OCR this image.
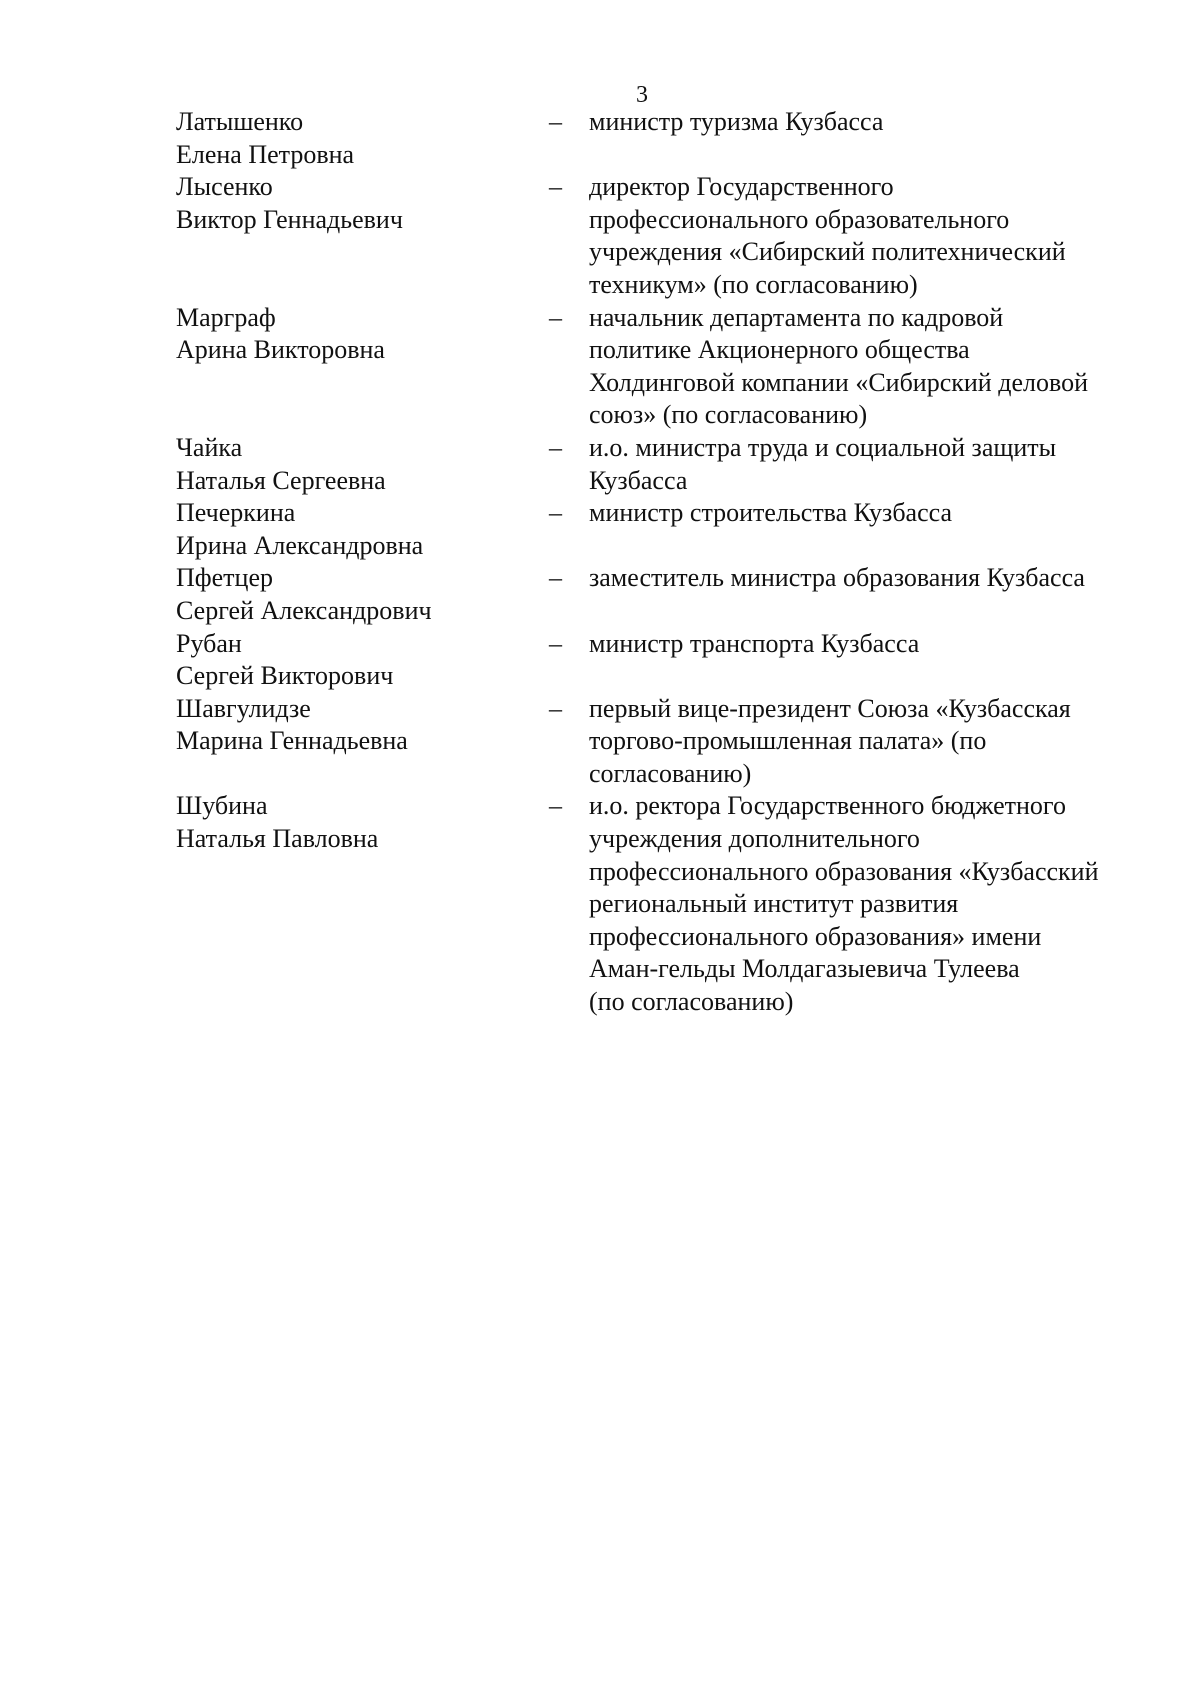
3
Латышенко
Елена Петровна
– министр туризма Кузбасса
Лысенко
Виктор Геннадьевич
– директор Государственного
профессионального образовательного
учреждения «Сибирский политехнический
техникум» (по согласованию)
Марграф
Арина Викторовна
– начальник департамента по кадровой
политике Акционерного общества
Холдинговой компании «Сибирский деловой
союз» (по согласованию)
Чайка
Наталья Сергеевна
– и.о. министра труда и социальной защиты
Кузбасса
Печеркина
Ирина Александровна
– министр строительства Кузбасса
Пфетцер
Сергей Александрович
– заместитель министра образования Кузбасса
Рубан
Сергей Викторович
– министр транспорта Кузбасса
Шавгулидзе
Марина Геннадьевна
– первый вице-президент Союза «Кузбасская
торгово-промышленная палата» (по
согласованию)
Шубина
Наталья Павловна
– и.о. ректора Государственного бюджетного
учреждения дополнительного
профессионального образования «Кузбасский
региональный институт развития
профессионального образования» имени
Аман-гельды Молдагазыевича Тулеева
(по согласованию)
